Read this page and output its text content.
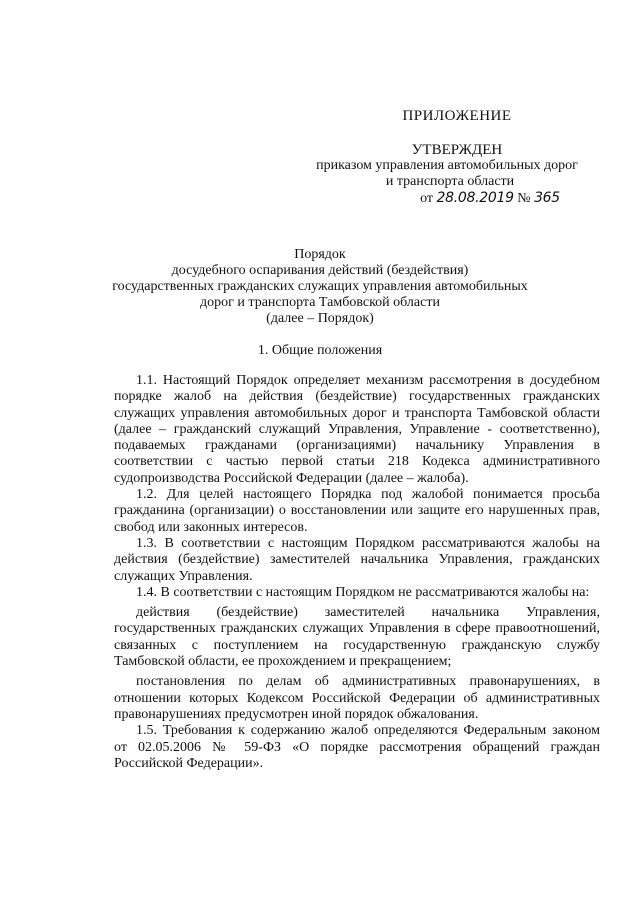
ПРИЛОЖЕНИЕ
УТВЕРЖДЕН
приказом управления автомобильных дорог
и транспорта области
от 28.08.2019 № 365
Порядок
досудебного оспаривания действий (бездействия)
государственных гражданских служащих управления автомобильных
дорог и транспорта Тамбовской области
(далее – Порядок)
1. Общие положения

1.1. Настоящий Порядок определяет механизм рассмотрения в досудебном порядке жалоб на действия (бездействие) государственных гражданских служащих управления автомобильных дорог и транспорта Тамбовской области (далее – гражданский служащий Управления, Управление - соответственно), подаваемых гражданами (организациями) начальнику Управления в соответствии с частью первой статьи 218 Кодекса административного судопроизводства Российской Федерации (далее – жалоба).

1.2. Для целей настоящего Порядка под жалобой понимается просьба гражданина (организации) о восстановлении или защите его нарушенных прав, свобод или законных интересов.

1.3. В соответствии с настоящим Порядком рассматриваются жалобы на действия (бездействие) заместителей начальника Управления, гражданских служащих Управления.

1.4. В соответствии с настоящим Порядком не рассматриваются жалобы на:

действия (бездействие) заместителей начальника Управления, государственных гражданских служащих Управления в сфере правоотношений, связанных с поступлением на государственную гражданскую службу Тамбовской области, ее прохождением и прекращением;

постановления по делам об административных правонарушениях, в отношении которых Кодексом Российской Федерации об административных правонарушениях предусмотрен иной порядок обжалования.

1.5. Требования к содержанию жалоб определяются Федеральным законом от 02.05.2006 № 59-ФЗ «О порядке рассмотрения обращений граждан Российской Федерации».
